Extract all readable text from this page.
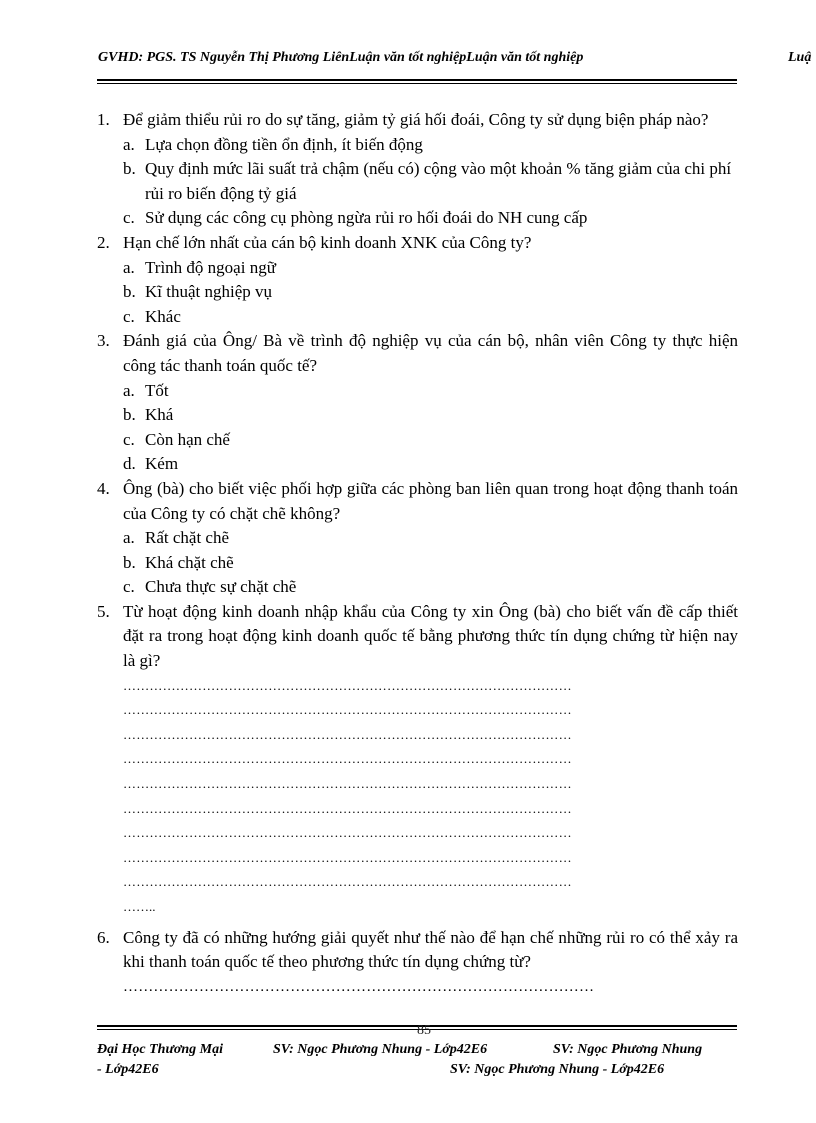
GVHD: PGS. TS Nguyễn Thị Phương LiênLuận văn tốt nghiệpLuận văn tốt nghiệp	Luậ
1. Để giảm thiểu rủi ro do sự tăng, giảm tỷ giá hối đoái, Công ty sử dụng biện pháp nào?
a. Lựa chọn đồng tiền ổn định, ít biến động
b. Quy định mức lãi suất trả chậm (nếu có) cộng vào một khoản % tăng giảm của chi phí rủi ro biến động tỷ giá
c. Sử dụng các công cụ phòng ngừa rủi ro hối đoái do NH cung cấp
2. Hạn chế lớn nhất của cán bộ kinh doanh XNK của Công ty?
a. Trình độ ngoại ngữ
b. Kĩ thuật nghiệp vụ
c. Khác
3. Đánh giá của Ông/ Bà về trình độ nghiệp vụ của cán bộ, nhân viên Công ty thực hiện công tác thanh toán quốc tế?
a. Tốt
b. Khá
c. Còn hạn chế
d. Kém
4. Ông (bà) cho biết việc phối hợp giữa các phòng ban liên quan trong hoạt động thanh toán của Công ty có chặt chẽ không?
a. Rất chặt chẽ
b. Khá chặt chẽ
c. Chưa thực sự chặt chẽ
5. Từ hoạt động kinh doanh nhập khẩu của Công ty xin Ông (bà) cho biết vấn đề cấp thiết đặt ra trong hoạt động kinh doanh quốc tế bằng phương thức tín dụng chứng từ hiện nay là gì?
…………………………………………………………………………………………
…………………………………………………………………………………………
…………………………………………………………………………………………
…………………………………………………………………………………………
…………………………………………………………………………………………
…………………………………………………………………………………………
…………………………………………………………………………………………
…………………………………………………………………………………………
…………………………………………………………………………………………
……..
6. Công ty đã có những hướng giải quyết như thế nào để hạn chế những rủi ro có thể xảy ra khi thanh toán quốc tế theo phương thức tín dụng chứng từ?
…………………………………………………………………………………
85
Đại Học Thương Mại	SV: Ngọc Phương Nhung - Lớp42E6	SV: Ngọc Phương Nhung
- Lớp42E6	SV: Ngọc Phương Nhung - Lớp42E6
